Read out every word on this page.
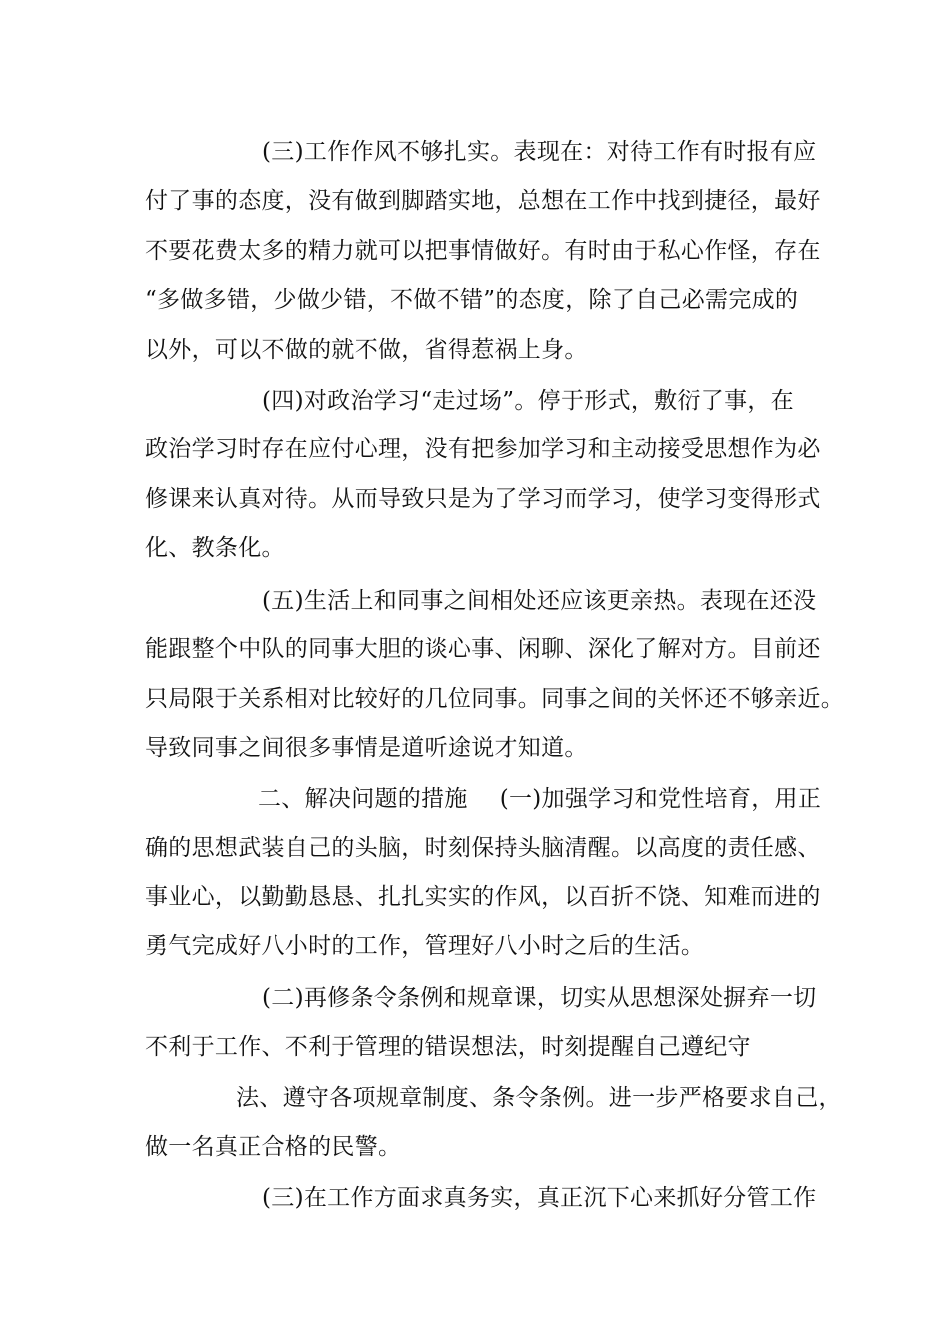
(三)工作作风不够扎实。表现在：对待工作有时报有应
付了事的态度，没有做到脚踏实地，总想在工作中找到捷径，最好
不要花费太多的精力就可以把事情做好。有时由于私心作怪，存在
“多做多错，少做少错，不做不错”的态度，除了自己必需完成的
以外，可以不做的就不做，省得惹祸上身。
(四)对政治学习“走过场”。停于形式，敷衍了事，在
政治学习时存在应付心理，没有把参加学习和主动接受思想作为必
修课来认真对待。从而导致只是为了学习而学习，使学习变得形式
化、教条化。
(五)生活上和同事之间相处还应该更亲热。表现在还没
能跟整个中队的同事大胆的谈心事、闲聊、深化了解对方。目前还
只局限于关系相对比较好的几位同事。同事之间的关怀还不够亲近。
导致同事之间很多事情是道听途说才知道。
二、解决问题的措施 (一)加强学习和党性培育，用正
确的思想武装自己的头脑，时刻保持头脑清醒。以高度的责任感、
事业心，以勤勤恳恳、扎扎实实的作风，以百折不饶、知难而进的
勇气完成好八小时的工作，管理好八小时之后的生活。
(二)再修条令条例和规章课，切实从思想深处摒弃一切
不利于工作、不利于管理的错误想法，时刻提醒自己遵纪守
法、遵守各项规章制度、条令条例。进一步严格要求自己，
做一名真正合格的民警。
(三)在工作方面求真务实，真正沉下心来抓好分管工作
